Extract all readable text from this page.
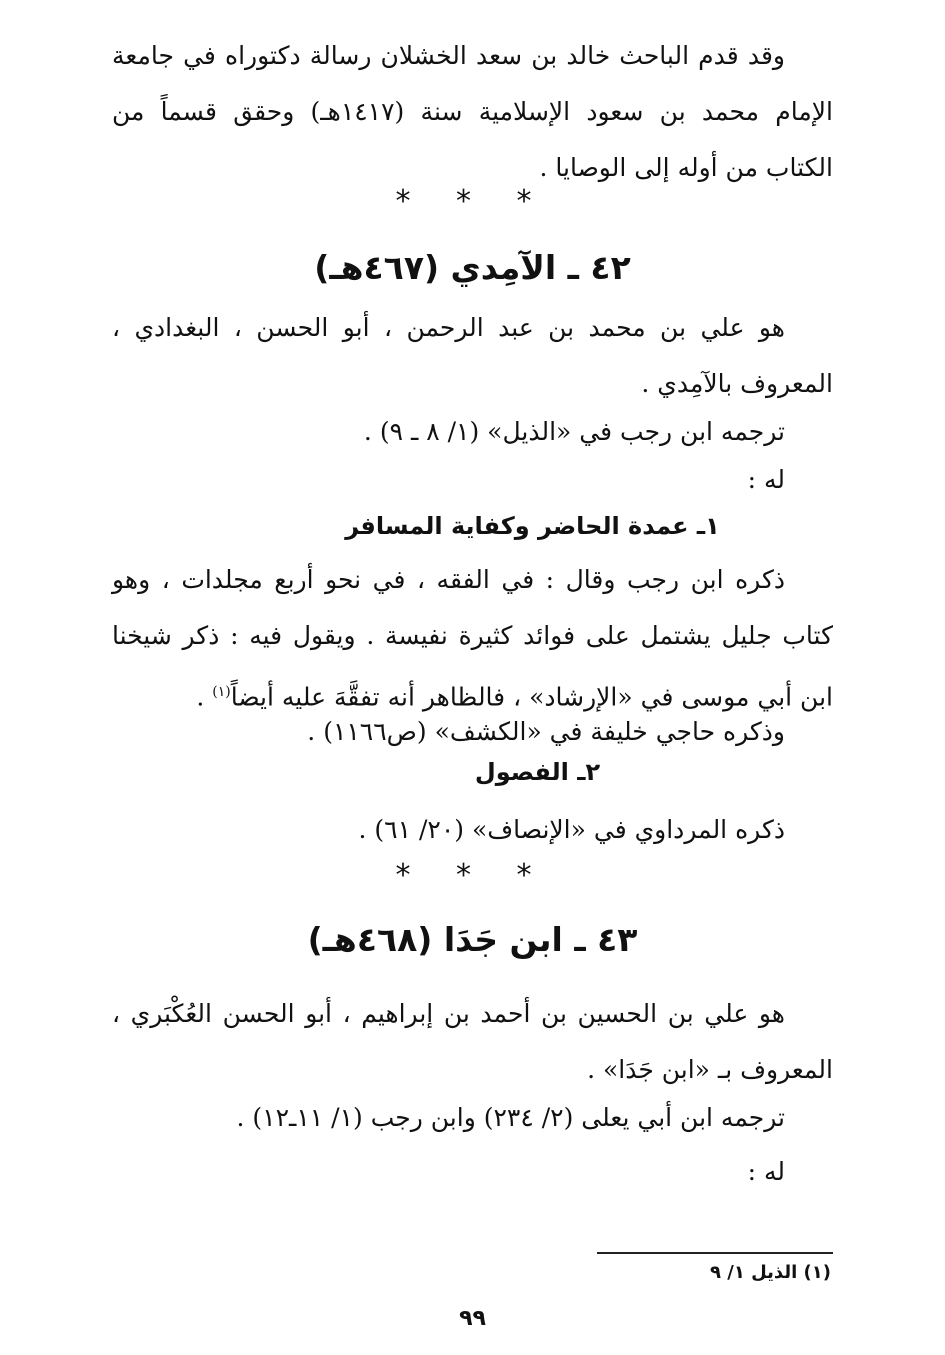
وقد قدم الباحث خالد بن سعد الخشلان رسالة دكتوراه في جامعة الإمام محمد بن سعود الإسلامية سنة (١٤١٧هـ) وحقق قسماً من الكتاب من أوله إلى الوصايا .

* * *

٤٢ ـ الآمِدي (٤٦٧هـ)

هو علي بن محمد بن عبد الرحمن ، أبو الحسن ، البغدادي ، المعروف بالآمِدي .

ترجمه ابن رجب في «الذيل» (١/ ٨ ـ ٩) .

له :

١ـ عمدة الحاضر وكفاية المسافر

ذكره ابن رجب وقال : في الفقه ، في نحو أربع مجلدات ، وهو كتاب جليل يشتمل على فوائد كثيرة نفيسة . ويقول فيه : ذكر شيخنا ابن أبي موسى في «الإرشاد» ، فالظاهر أنه تفقَّهَ عليه أيضاً$^{(١)}$ .

وذكره حاجي خليفة في «الكشف» (ص١١٦٦) .

٢ـ الفصول

ذكره المرداوي في «الإنصاف» (٢٠/ ٦١) .

* * *

٤٣ ـ ابن جَدَا (٤٦٨هـ)

هو علي بن الحسين بن أحمد بن إبراهيم ، أبو الحسن العُكْبَري ، المعروف بـ «ابن جَدَا» .

ترجمه ابن أبي يعلى (٢/ ٢٣٤) وابن رجب (١/ ١١ـ١٢) .

له :

(١) الذيل ١/ ٩

٩٩
